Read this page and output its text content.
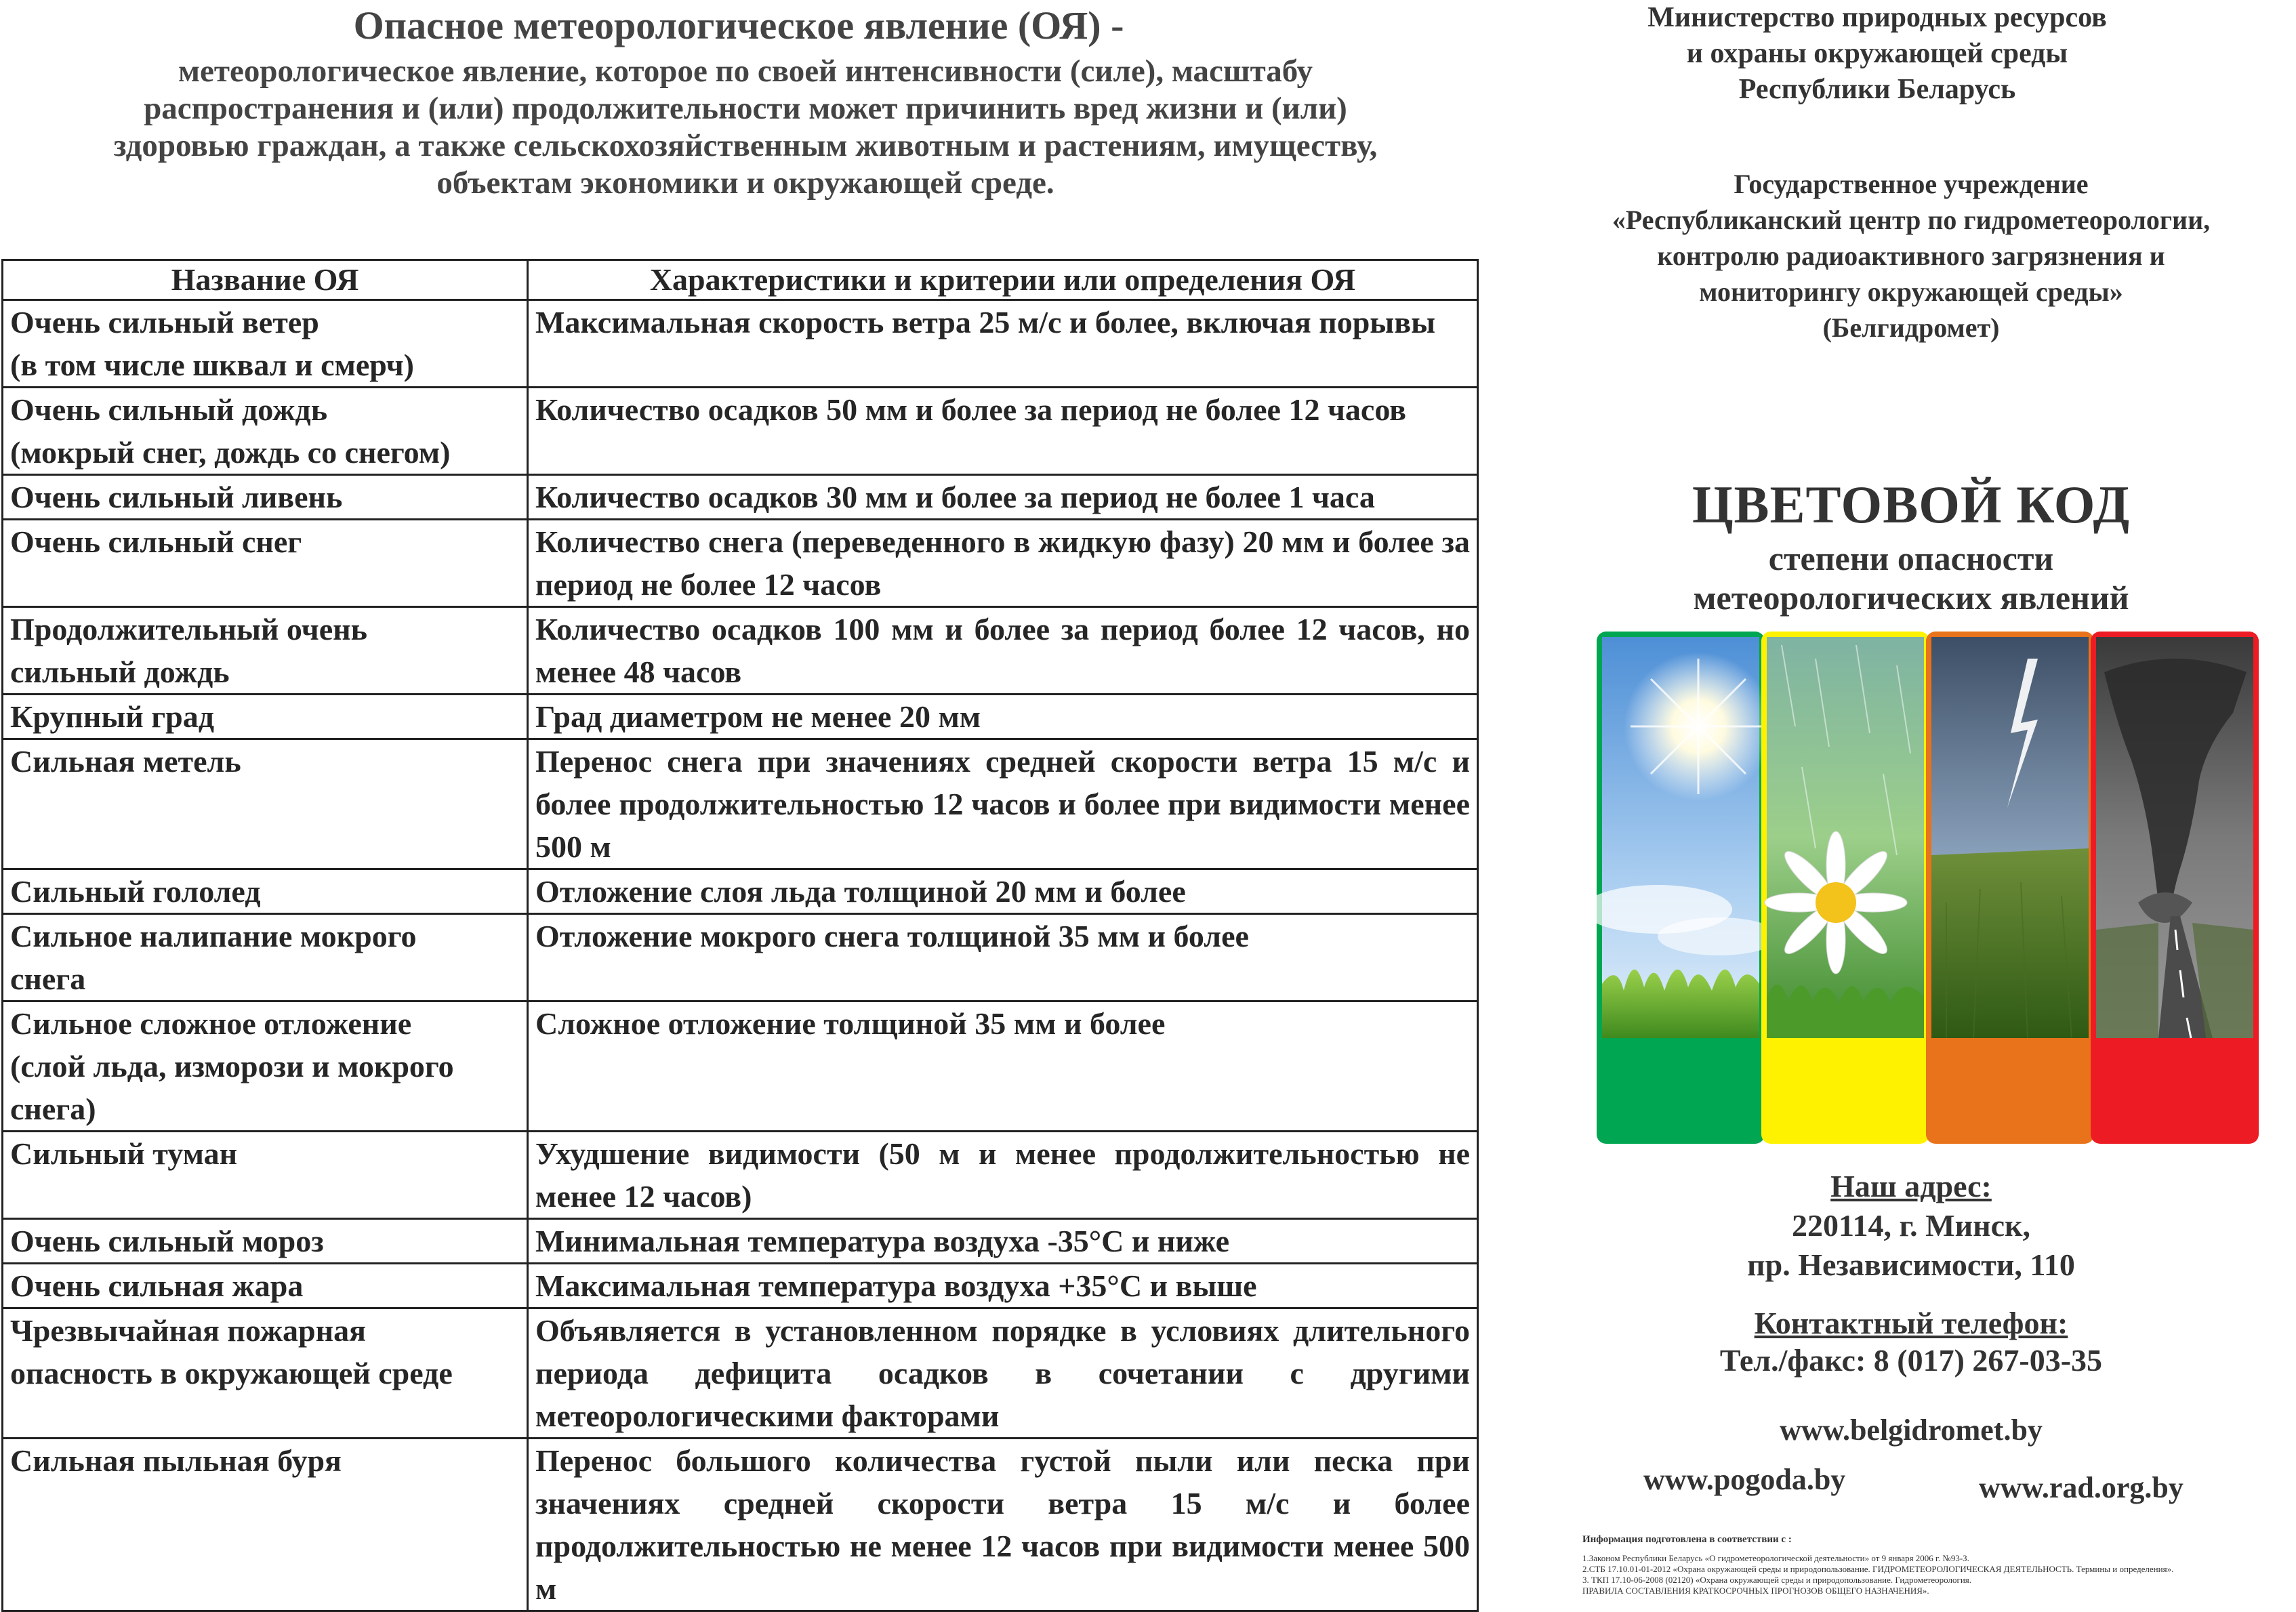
Опасное метеорологическое явление (ОЯ) -
метеорологическое явление, которое по своей интенсивности (силе), масштабу
распространения и (или) продолжительности может причинить вред жизни и (или)
здоровью граждан, а также сельскохозяйственным животным и растениям, имуществу,
объектам экономики и окружающей среде.
Название ОЯ	Характеристики и критерии или определения ОЯ

Очень сильный ветер
(в том числе шквал и смерч)	Максимальная скорость ветра 25 м/с и более, включая порывы

Очень сильный дождь
(мокрый снег, дождь со снегом)	Количество осадков 50 мм и более за период не более 12 часов

Очень сильный ливень	Количество осадков 30 мм и более за период не более 1 часа

Очень сильный снег	Количество снега (переведенного в жидкую фазу) 20 мм и более за период не более 12 часов

Продолжительный очень
сильный дождь	Количество осадков 100 мм и более за период более 12 часов, но менее 48 часов

Крупный град	Град диаметром не менее 20 мм

Сильная метель	Перенос снега при значениях средней скорости ветра 15 м/с и более продолжительностью 12 часов и более при видимости менее 500 м

Сильный гололед	Отложение слоя льда толщиной 20 мм и более

Сильное налипание мокрого
снега	Отложение мокрого снега толщиной 35 мм и более

Сильное сложное отложение
(слой льда, изморози и мокрого
снега)	Сложное отложение толщиной 35 мм и более

Сильный туман	Ухудшение видимости (50 м и менее продолжительностью не менее 12 часов)

Очень сильный мороз	Минимальная температура воздуха -35°С и ниже

Очень сильная жара	Максимальная температура воздуха +35°С и выше

Чрезвычайная пожарная
опасность в окружающей среде	Объявляется в установленном порядке в условиях длительного периода дефицита осадков в сочетании с другими метеорологическими факторами

Сильная пыльная буря	Перенос большого количества густой пыли или песка при значениях средней скорости ветра 15 м/с и более продолжительностью не менее 12 часов при видимости менее 500 м
Министерство природных ресурсов
и охраны окружающей среды
Республики Беларусь
Государственное учреждение
«Республиканский центр по гидрометеорологии,
контролю радиоактивного загрязнения и
мониторингу окружающей среды»
(Белгидромет)
ЦВЕТОВОЙ КОД
степени опасности
метеорологических явлений
Наш адрес:
220114, г. Минск,
пр. Независимости, 110
Контактный телефон:
Тел./факс: 8 (017) 267-03-35
www.belgidromet.by
www.pogoda.by	www.rad.org.by
Информация подготовлена в соответствии с :
1.Законом Республики Беларусь «О гидрометеорологической деятельности» от 9 января 2006 г. №93-З.
2.СТБ 17.10.01-01-2012 «Охрана окружающей среды и природопользование. ГИДРОМЕТЕОРОЛОГИЧЕСКАЯ ДЕЯТЕЛЬНОСТЬ. Термины и определения».
3. ТКП 17.10-06-2008 (02120) «Охрана окружающей среды и природопользование. Гидрометеорология.
ПРАВИЛА СОСТАВЛЕНИЯ КРАТКОСРОЧНЫХ ПРОГНОЗОВ ОБЩЕГО НАЗНАЧЕНИЯ».
